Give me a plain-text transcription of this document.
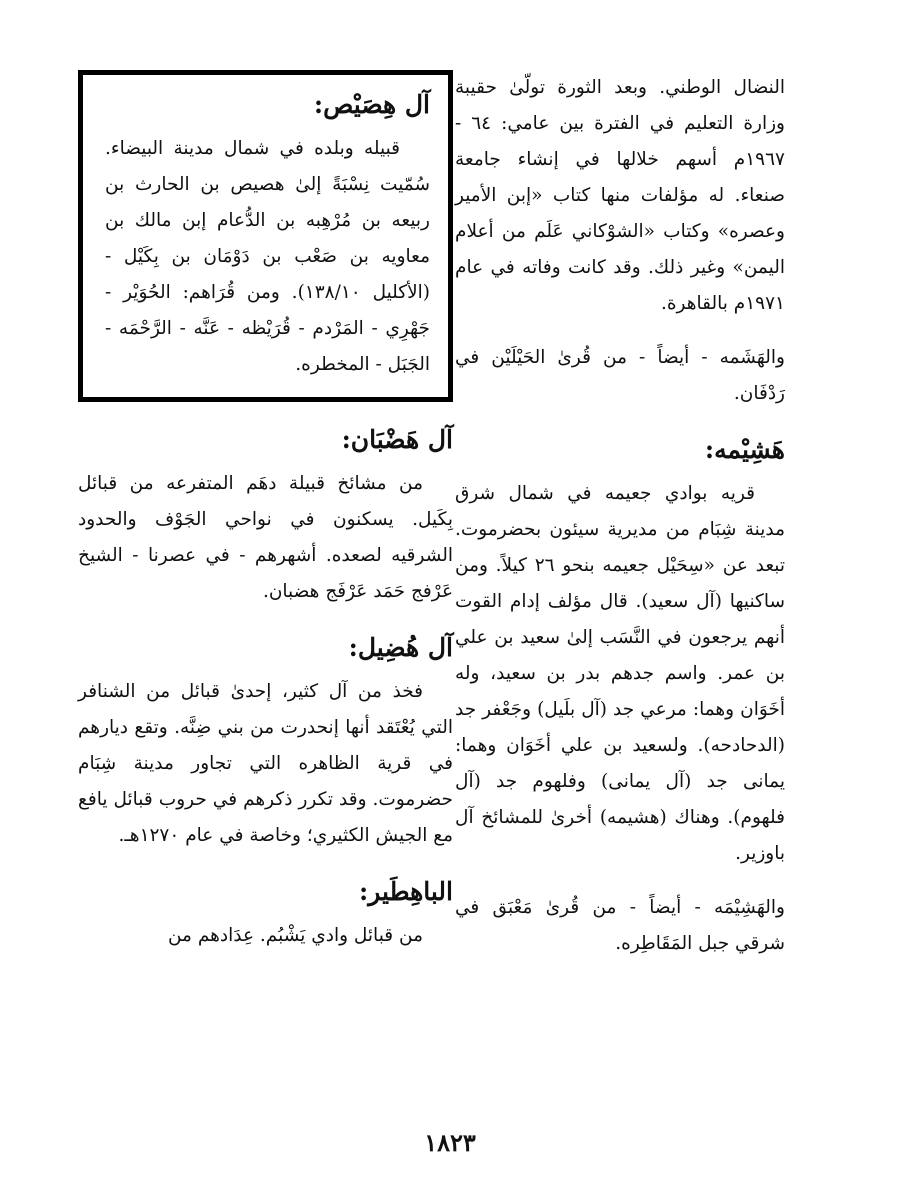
النضال الوطني. وبعد الثورة تولّىٰ حقيبة وزارة التعليم في الفترة بين عامي: ٦٤ - ١٩٦٧م أسهم خلالها في إنشاء جامعة صنعاء. له مؤلفات منها كتاب «إبن الأمير وعصره» وكتاب «الشوْكاني عَلَم من أعلام اليمن» وغير ذلك. وقد كانت وفاته في عام ١٩٧١م بالقاهرة.

والهَشَمه - أيضاً - من قُرىٰ الحَيْلَيْن في رَدْفَان.

هَشِيْمه:

قريه بوادي جعيمه في شمال شرق مدينة شِبَام من مديرية سيئون بحضرموت. تبعد عن «سِحَيْل جعيمه بنحو ٢٦ كيلاً. ومن ساكنيها (آل سعيد). قال مؤلف إدام القوت أنهم يرجعون في النَّسَب إلىٰ سعيد بن علي بن عمر. واسم جدهم بدر بن سعيد، وله أخَوَان وهما: مرعي جد (آل بلَيل) وجَعْفر جد (الدحادحه). ولسعيد بن علي أخَوَان وهما: يمانى جد (آل يمانى) وفلهوم جد (آل فلهوم). وهناك (هشيمه) أخرىٰ للمشائخ آل باوزير.

والهَشِيْمَه - أيضاً - من قُرىٰ مَعْبَق في شرقي جبل المَقَاطِره.

آل هِصَيْص:

قبيله وبلده في شمال مدينة البيضاء. سُمّيت نِسْبَةً إلىٰ هصيص بن الحارث بن ربيعه بن مُرْهِبه بن الدُّعام إبن مالك بن معاويه بن صَعْب بن دَوْمَان بن بِكَيْل - (الأكليل ١٣٨/١٠). ومن قُرَاهم: الحُوَيْر - جَهْرِي - المَرْدم - قُرَيْظه - عَنَّه - الرَّحْمَه - الجَبَل - المخطره.

آل هَضْبَان:

من مشائخ قبيلة دهَم المتفرعه من قبائل بِكَيل. يسكنون في نواحي الجَوْف والحدود الشرقيه لصعده. أشهرهم - في عصرنا - الشيخ عَرْفج حَمَد عَرْفَج هضبان.

آل هُضِيل:

فخذ من آل كثير، إحدىٰ قبائل من الشنافر التي يُعْتَقد أنها إنحدرت من بني ضِنَّه. وتقع ديارهم في قرية الظاهره التي تجاور مدينة شِبَام حضرموت. وقد تكرر ذكرهم في حروب قبائل يافع مع الجيش الكثيري؛ وخاصة في عام ١٢٧٠هـ.

الباهِطَير:

من قبائل وادي يَشْبُم. عِدَادهم من

١٨٢٣
